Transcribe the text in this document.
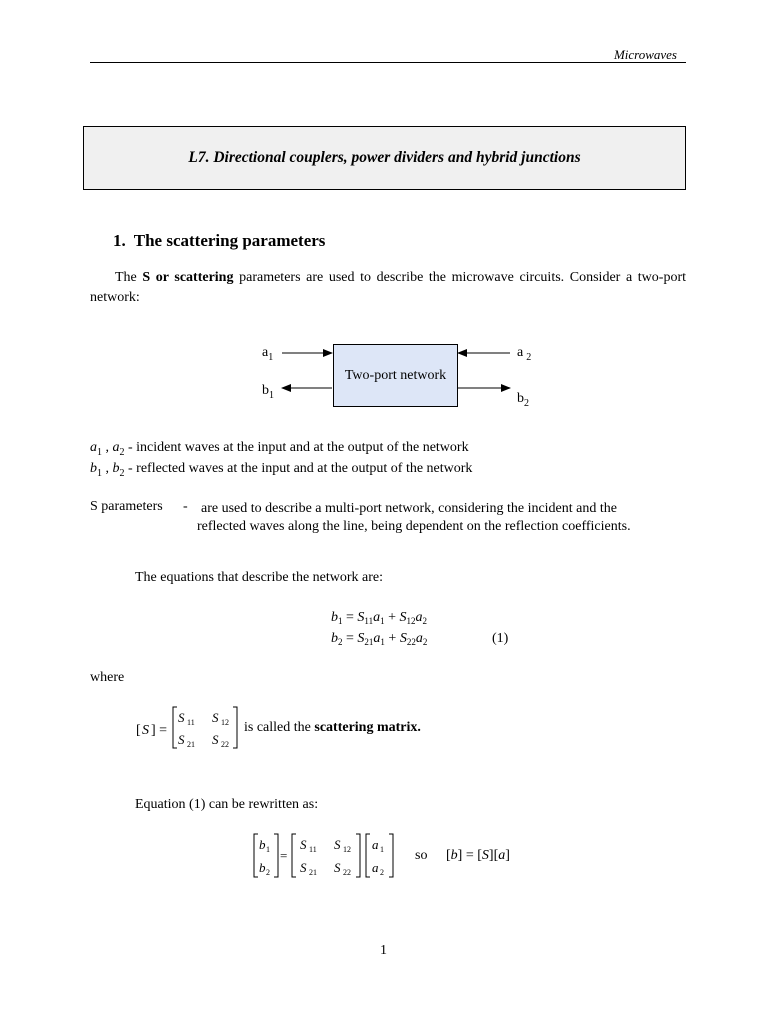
Microwaves
L7. Directional couplers, power dividers and hybrid junctions
1. The scattering parameters
The S or scattering parameters are used to describe the microwave circuits. Consider a two-port network:
Two-port network
$a_1$
$b_1$
a $_2$
$b_2$
$a_1$ , $a_2$ - incident waves at the input and at the output of the network
$b_1$ , $b_2$ - reflected waves at the input and at the output of the network
S parameters - are used to describe a multi-port network, considering the incident and the
reflected waves along the line, being dependent on the reflection coefficients.
The equations that describe the network are:
$b_1 = S_{11}a_1 + S_{12}a_2$
$b_2 = S_{21}a_1 + S_{22}a_2$	(1)
where
[ S ] =
S 11 S 12
S 21 S 22
is called the scattering matrix.
Equation (1) can be rewritten as:
b 1
b 2
=
S 11 S 12
S 21 S 22
a 1
a 2
so [b] = [S][a]
1
